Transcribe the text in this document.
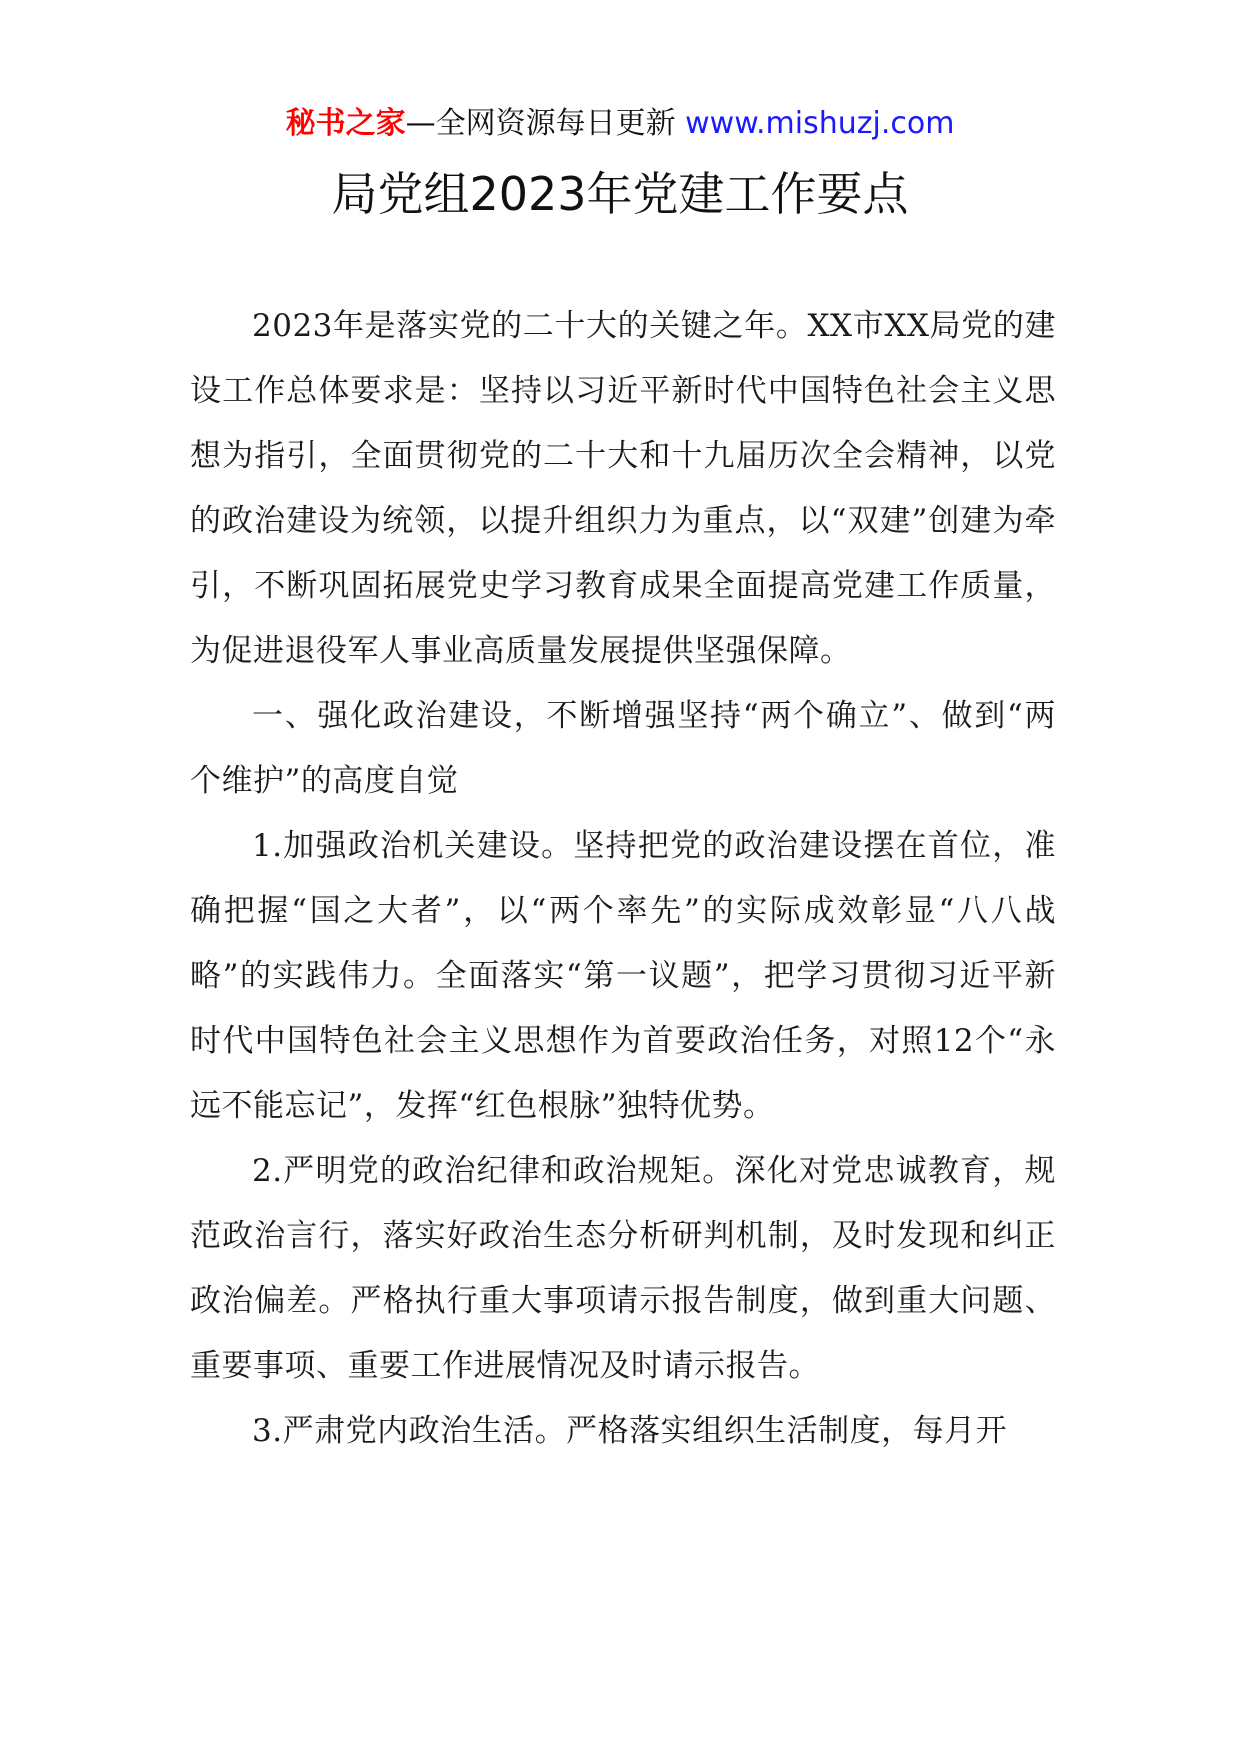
秘书之家—全网资源每日更新 www.mishuzj.com
局党组2023年党建工作要点

2023年是落实党的二十大的关键之年。XX市XX局党的建设工作总体要求是：坚持以习近平新时代中国特色社会主义思想为指引，全面贯彻党的二十大和十九届历次全会精神，以党的政治建设为统领，以提升组织力为重点，以“双建”创建为牵引，不断巩固拓展党史学习教育成果全面提高党建工作质量，为促进退役军人事业高质量发展提供坚强保障。

一、强化政治建设，不断增强坚持“两个确立”、做到“两个维护”的高度自觉

1.加强政治机关建设。坚持把党的政治建设摆在首位，准确把握“国之大者”，以“两个率先”的实际成效彰显“八八战略”的实践伟力。全面落实“第一议题”，把学习贯彻习近平新时代中国特色社会主义思想作为首要政治任务，对照12个“永远不能忘记”，发挥“红色根脉”独特优势。

2.严明党的政治纪律和政治规矩。深化对党忠诚教育，规范政治言行，落实好政治生态分析研判机制，及时发现和纠正政治偏差。严格执行重大事项请示报告制度，做到重大问题、重要事项、重要工作进展情况及时请示报告。

3.严肃党内政治生活。严格落实组织生活制度，每月开
